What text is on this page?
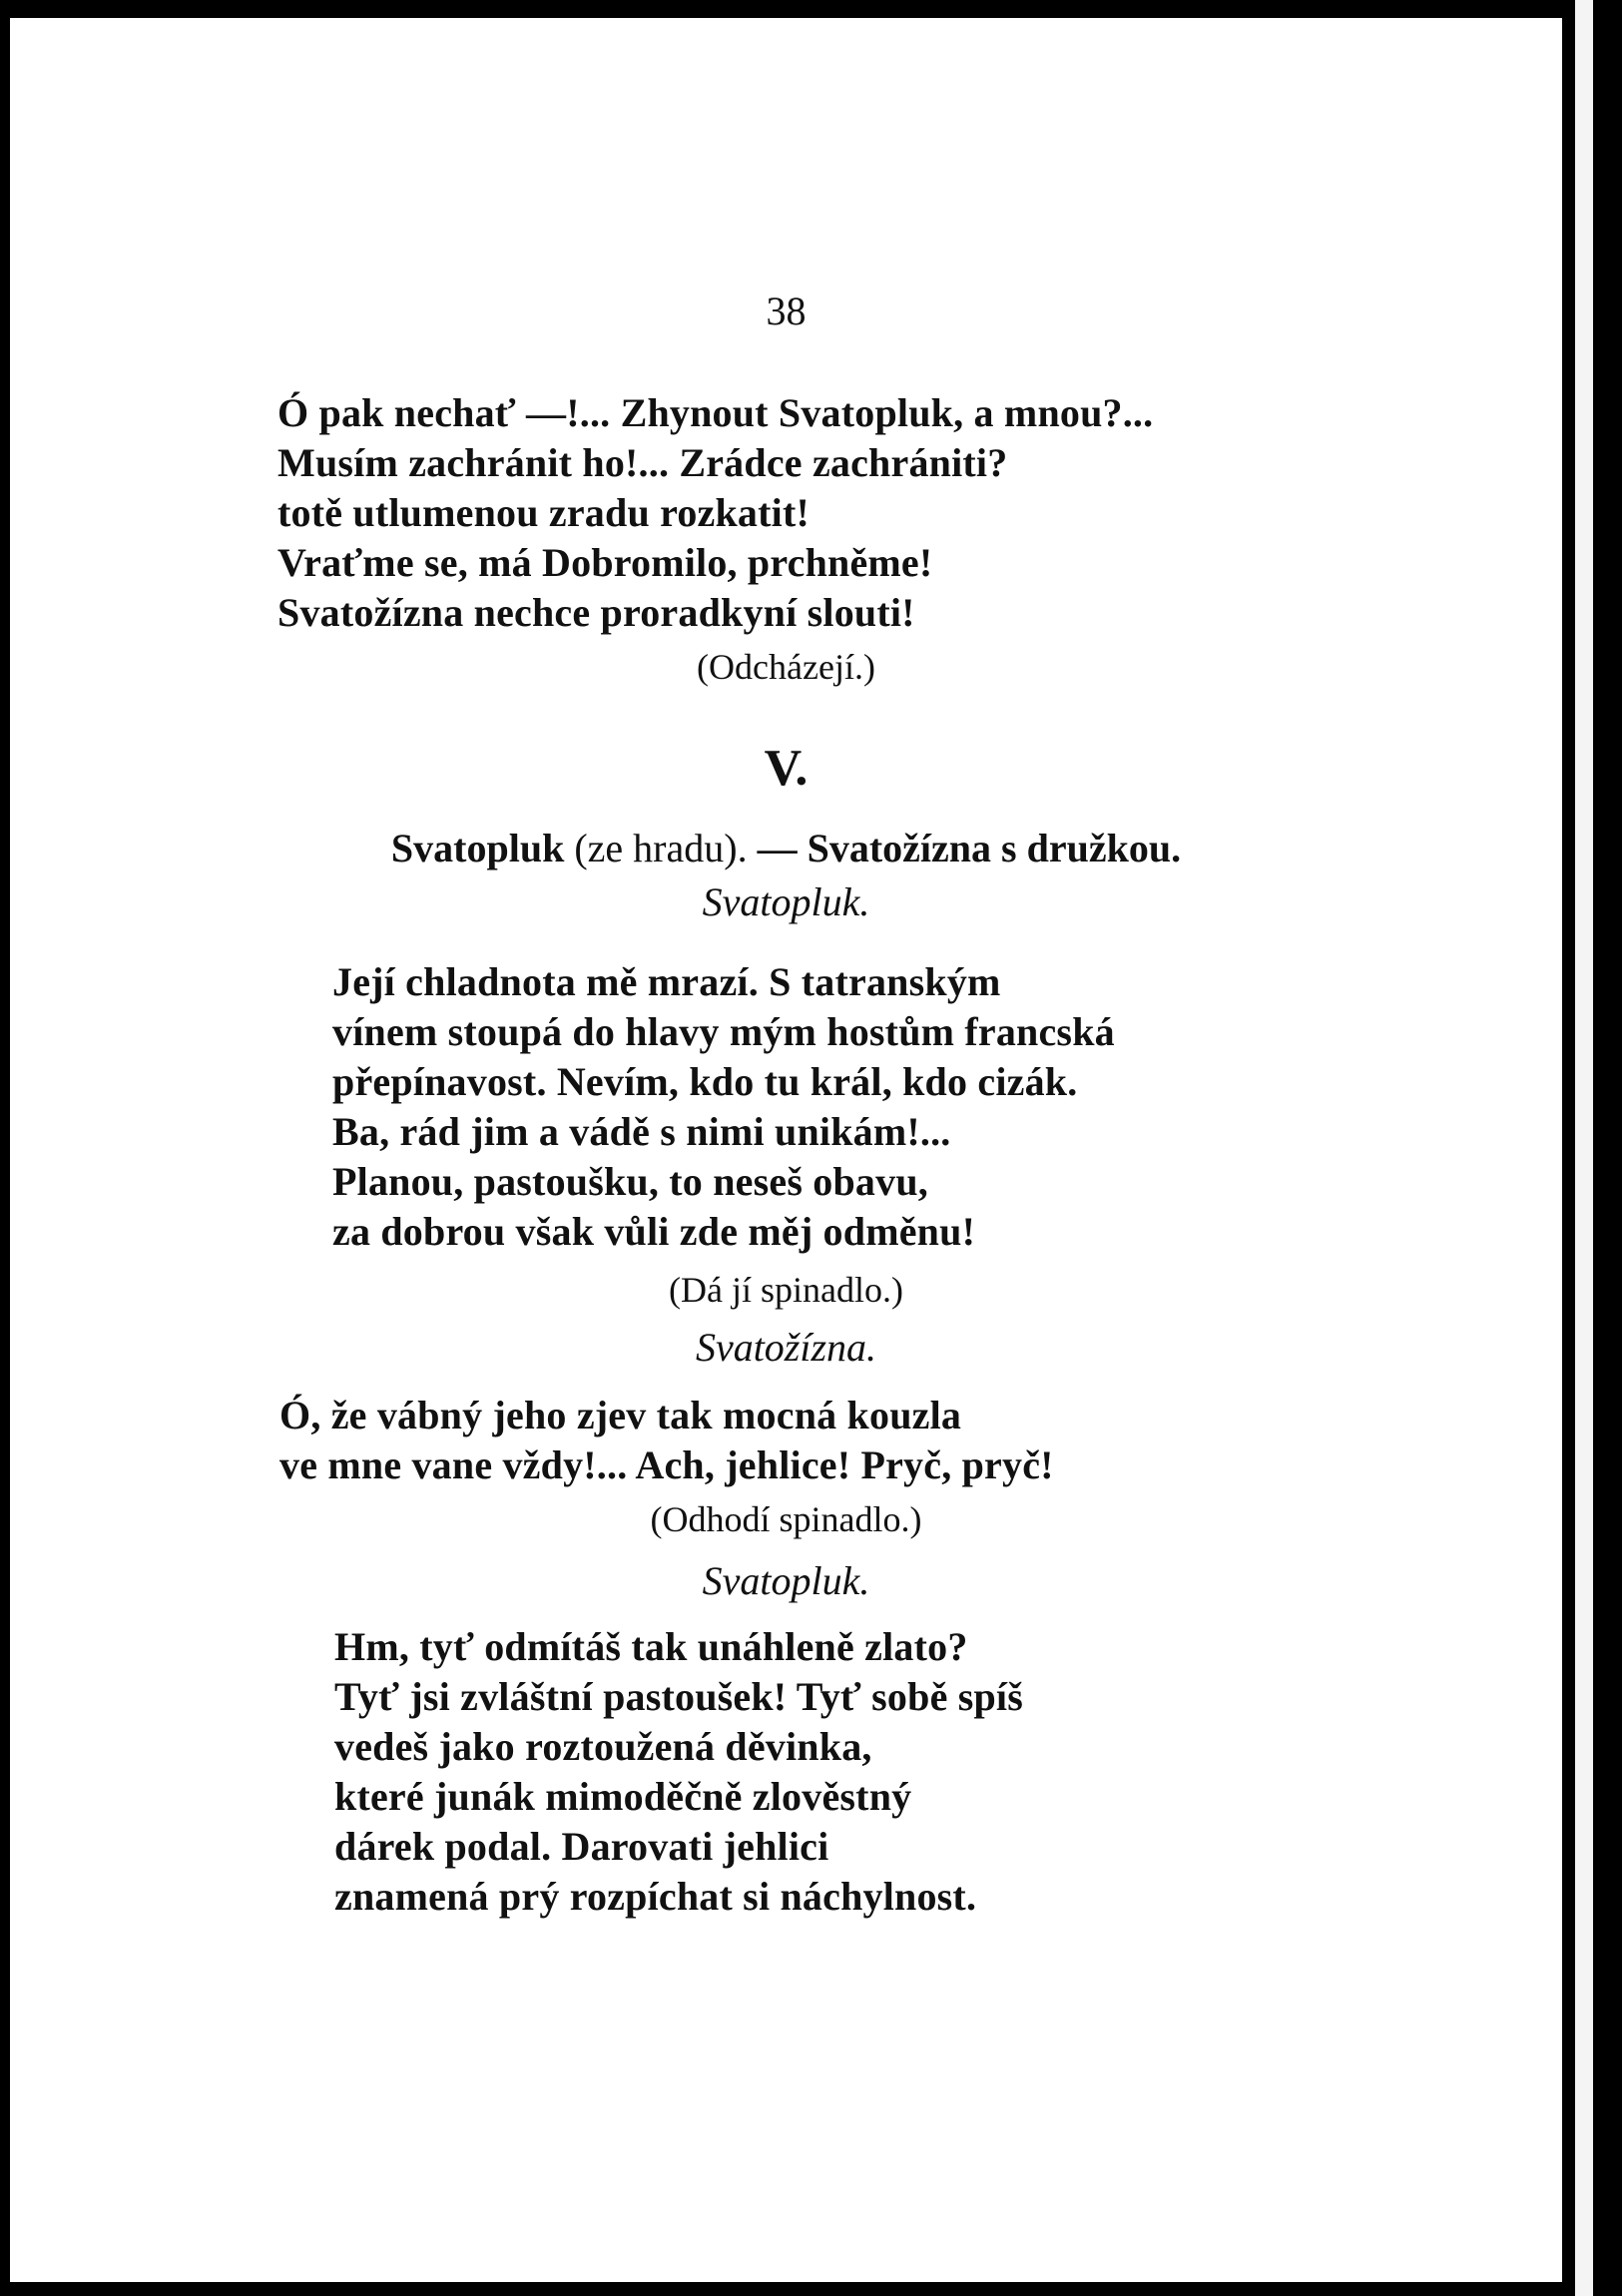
38
Ó pak nechať —!... Zhynout Svatopluk, a mnou?...
Musím zachránit ho!... Zrádce zachrániti?
totě utlumenou zradu rozkatit!
Vraťme se, má Dobromilo, prchněme!
Svatožízna nechce proradkyní slouti!
(Odcházejí.)
V.
Svatopluk (ze hradu). — Svatožízna s družkou.
Svatopluk.
Její chladnota mě mrazí. S tatranským
vínem stoupá do hlavy mým hostům francská
přepínavost. Nevím, kdo tu král, kdo cizák.
Ba, rád jim a vádě s nimi unikám!...
Planou, pastoušku, to neseš obavu,
za dobrou však vůli zde měj odměnu!
(Dá jí spinadlo.)
Svatožízna.
Ó, že vábný jeho zjev tak mocná kouzla
ve mne vane vždy!... Ach, jehlice! Pryč, pryč!
(Odhodí spinadlo.)
Svatopluk.
Hm, tyť odmítáš tak unáhleně zlato?
Tyť jsi zvláštní pastoušek! Tyť sobě spíš
vedeš jako roztoužená děvinka,
které junák mimoděčně zlověstný
dárek podal. Darovati jehlici
znamená prý rozpíchat si náchylnost.
